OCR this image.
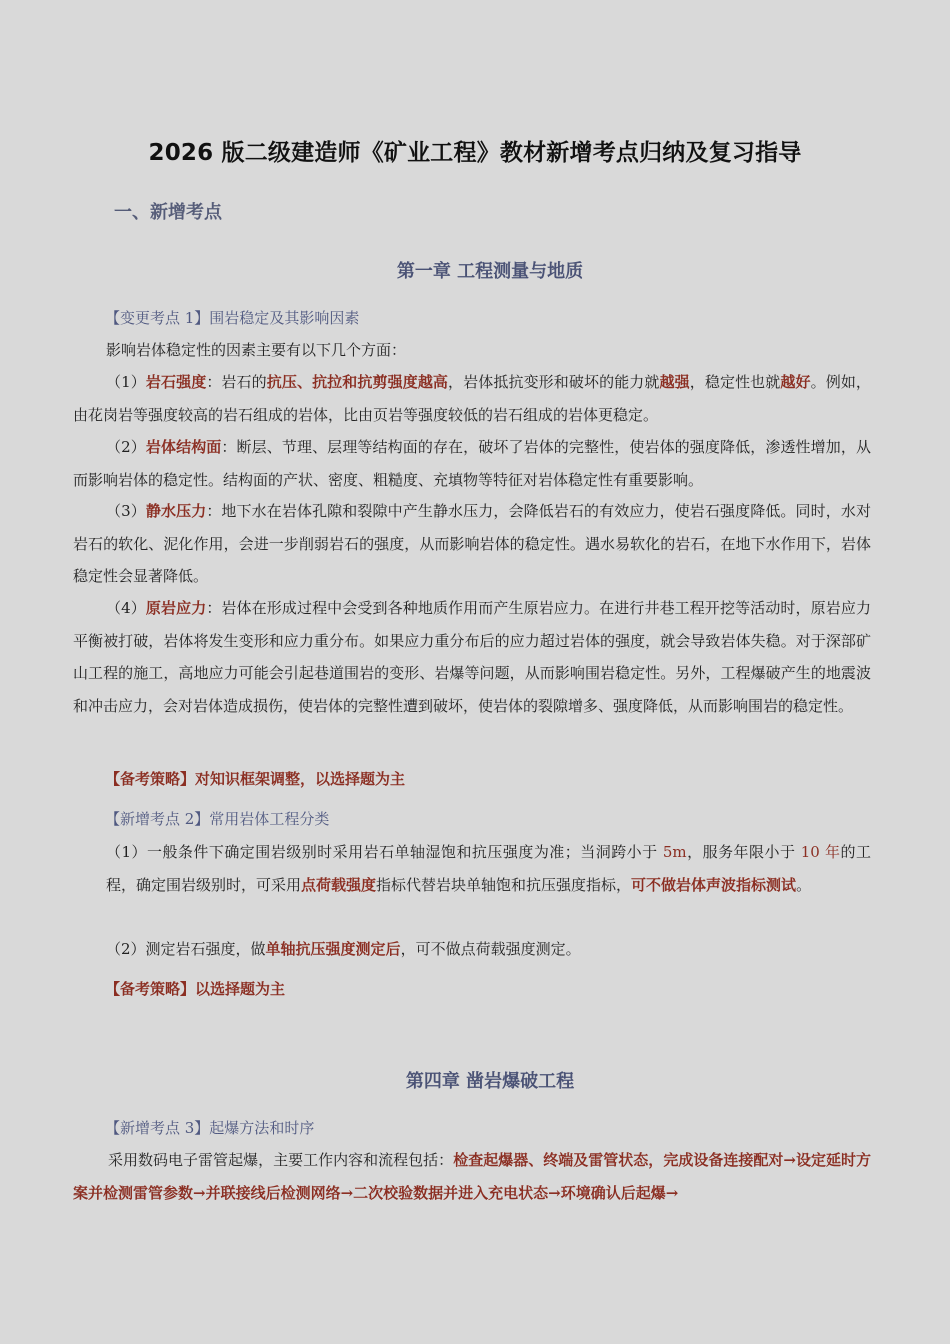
2026 版二级建造师《矿业工程》教材新增考点归纳及复习指导
一、新增考点
第一章 工程测量与地质
【变更考点 1】围岩稳定及其影响因素
影响岩体稳定性的因素主要有以下几个方面：
（1）岩石强度：岩石的抗压、抗拉和抗剪强度越高，岩体抵抗变形和破坏的能力就越强，稳定性也就越好。例如，由花岗岩等强度较高的岩石组成的岩体，比由页岩等强度较低的岩石组成的岩体更稳定。
（2）岩体结构面：断层、节理、层理等结构面的存在，破坏了岩体的完整性，使岩体的强度降低，渗透性增加，从而影响岩体的稳定性。结构面的产状、密度、粗糙度、充填物等特征对岩体稳定性有重要影响。
（3）静水压力：地下水在岩体孔隙和裂隙中产生静水压力，会降低岩石的有效应力，使岩石强度降低。同时，水对岩石的软化、泥化作用，会进一步削弱岩石的强度，从而影响岩体的稳定性。遇水易软化的岩石，在地下水作用下，岩体稳定性会显著降低。
（4）原岩应力：岩体在形成过程中会受到各种地质作用而产生原岩应力。在进行井巷工程开挖等活动时，原岩应力平衡被打破，岩体将发生变形和应力重分布。如果应力重分布后的应力超过岩体的强度，就会导致岩体失稳。对于深部矿山工程的施工，高地应力可能会引起巷道围岩的变形、岩爆等问题，从而影响围岩稳定性。另外，工程爆破产生的地震波和冲击应力，会对岩体造成损伤，使岩体的完整性遭到破坏，使岩体的裂隙增多、强度降低，从而影响围岩的稳定性。
【备考策略】对知识框架调整，以选择题为主
【新增考点 2】常用岩体工程分类
（1）一般条件下确定围岩级别时采用岩石单轴湿饱和抗压强度为准；当洞跨小于 5m，服务年限小于 10 年的工程，确定围岩级别时，可采用点荷载强度指标代替岩块单轴饱和抗压强度指标，可不做岩体声波指标测试。
（2）测定岩石强度，做单轴抗压强度测定后，可不做点荷载强度测定。
【备考策略】以选择题为主
第四章 凿岩爆破工程
【新增考点 3】起爆方法和时序
采用数码电子雷管起爆，主要工作内容和流程包括：检查起爆器、终端及雷管状态，完成设备连接配对→设定延时方案并检测雷管参数→并联接线后检测网络→二次校验数据并进入充电状态→环境确认后起爆→
